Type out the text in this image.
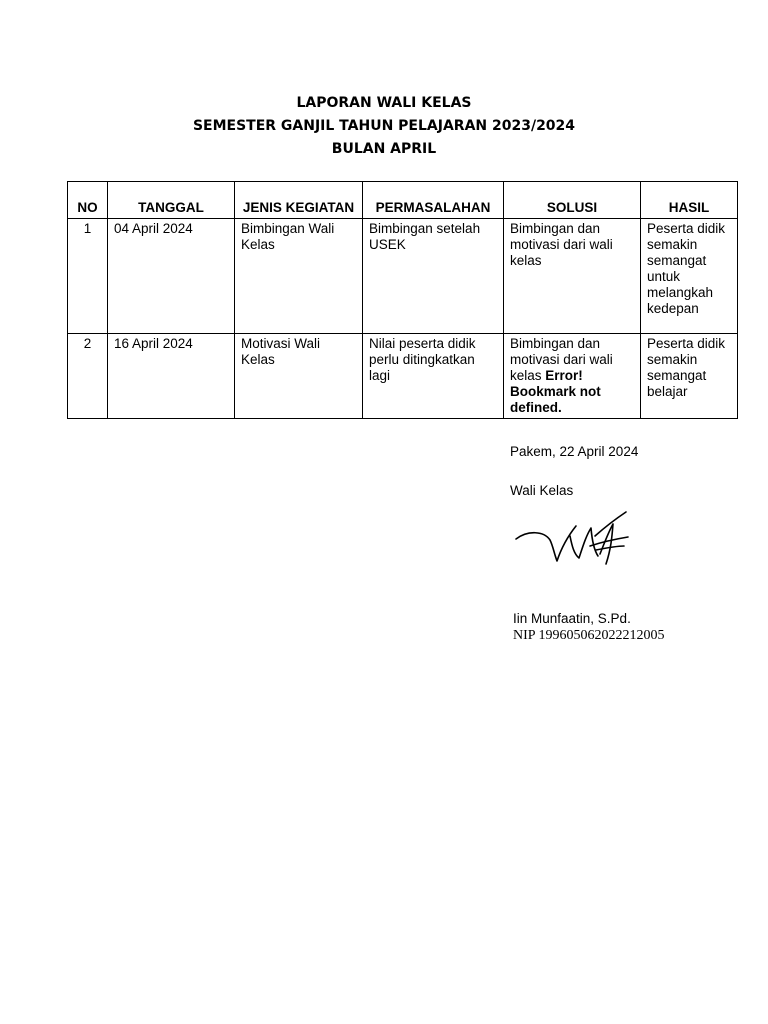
LAPORAN WALI KELAS
SEMESTER GANJIL TAHUN PELAJARAN 2023/2024
BULAN APRIL
NO	TANGGAL	JENIS KEGIATAN	PERMASALAHAN	SOLUSI	HASIL
1	04 April 2024	Bimbingan Wali Kelas	Bimbingan setelah USEK	Bimbingan dan motivasi dari wali kelas	Peserta didik semakin semangat untuk melangkah kedepan
2	16 April 2024	Motivasi Wali Kelas	Nilai peserta didik perlu ditingkatkan lagi	Bimbingan dan motivasi dari wali kelas Error! Bookmark not defined.	Peserta didik semakin semangat belajar
Pakem, 22 April 2024
Wali Kelas
Iin Munfaatin, S.Pd.
NIP 199605062022212005
